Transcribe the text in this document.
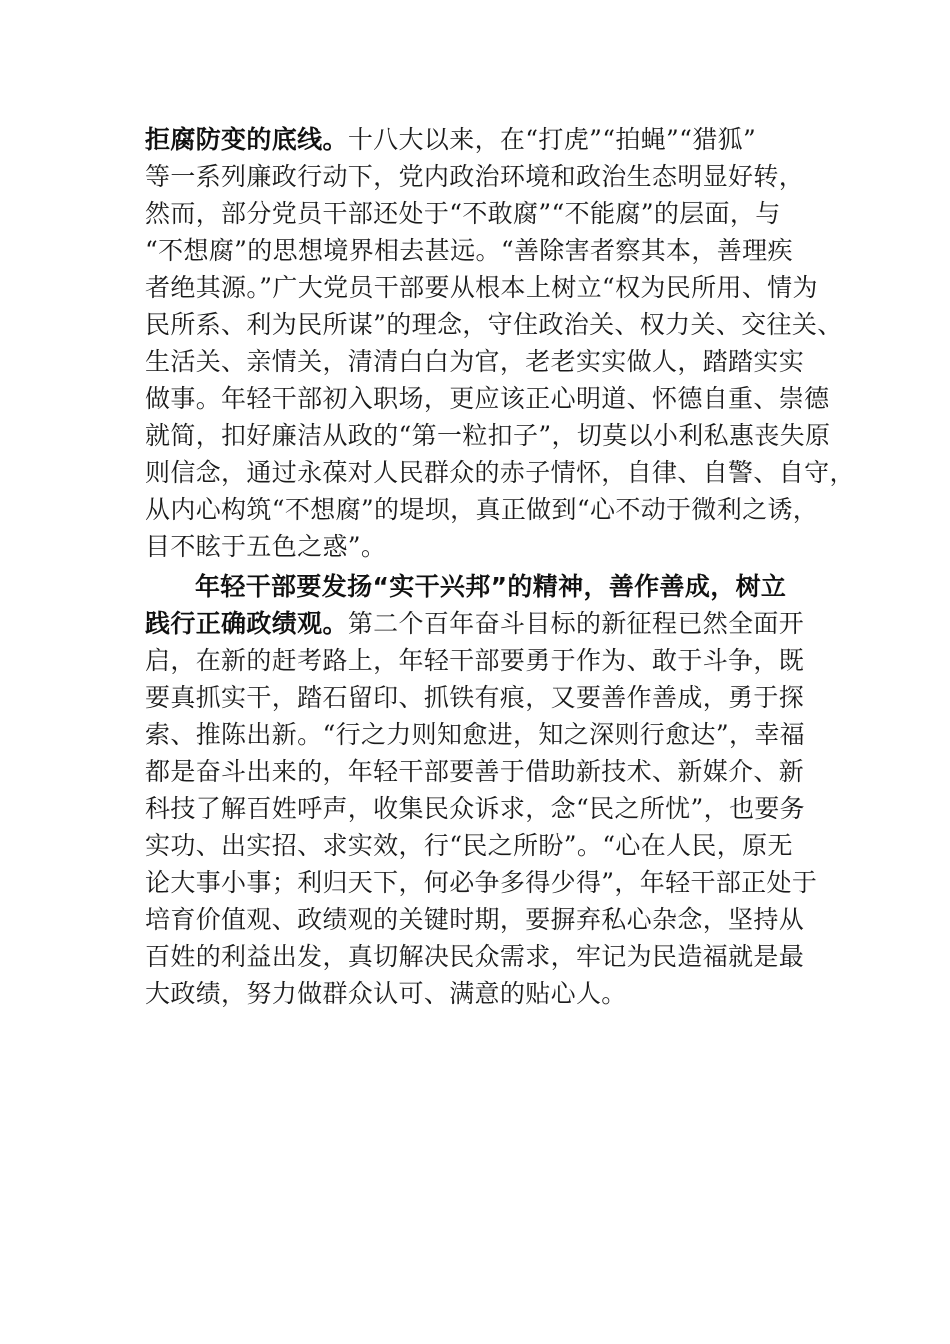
拒腐防变的底线。十八大以来，在“打虎”“拍蝇”“猎狐”
等一系列廉政行动下，党内政治环境和政治生态明显好转，
然而，部分党员干部还处于“不敢腐”“不能腐”的层面，与
“不想腐”的思想境界相去甚远。“善除害者察其本，善理疾
者绝其源。”广大党员干部要从根本上树立“权为民所用、情为
民所系、利为民所谋”的理念，守住政治关、权力关、交往关、
生活关、亲情关，清清白白为官，老老实实做人，踏踏实实
做事。年轻干部初入职场，更应该正心明道、怀德自重、崇德
就简，扣好廉洁从政的“第一粒扣子”，切莫以小利私惠丧失原
则信念，通过永葆对人民群众的赤子情怀，自律、自警、自守，
从内心构筑“不想腐”的堤坝，真正做到“心不动于微利之诱，
目不眩于五色之惑”。
年轻干部要发扬“实干兴邦”的精神，善作善成，树立
践行正确政绩观。第二个百年奋斗目标的新征程已然全面开
启，在新的赶考路上，年轻干部要勇于作为、敢于斗争，既
要真抓实干，踏石留印、抓铁有痕，又要善作善成，勇于探
索、推陈出新。“行之力则知愈进，知之深则行愈达”，幸福
都是奋斗出来的，年轻干部要善于借助新技术、新媒介、新
科技了解百姓呼声，收集民众诉求，念“民之所忧”，也要务
实功、出实招、求实效，行“民之所盼”。“心在人民，原无
论大事小事；利归天下，何必争多得少得”，年轻干部正处于
培育价值观、政绩观的关键时期，要摒弃私心杂念，坚持从
百姓的利益出发，真切解决民众需求，牢记为民造福就是最
大政绩，努力做群众认可、满意的贴心人。
